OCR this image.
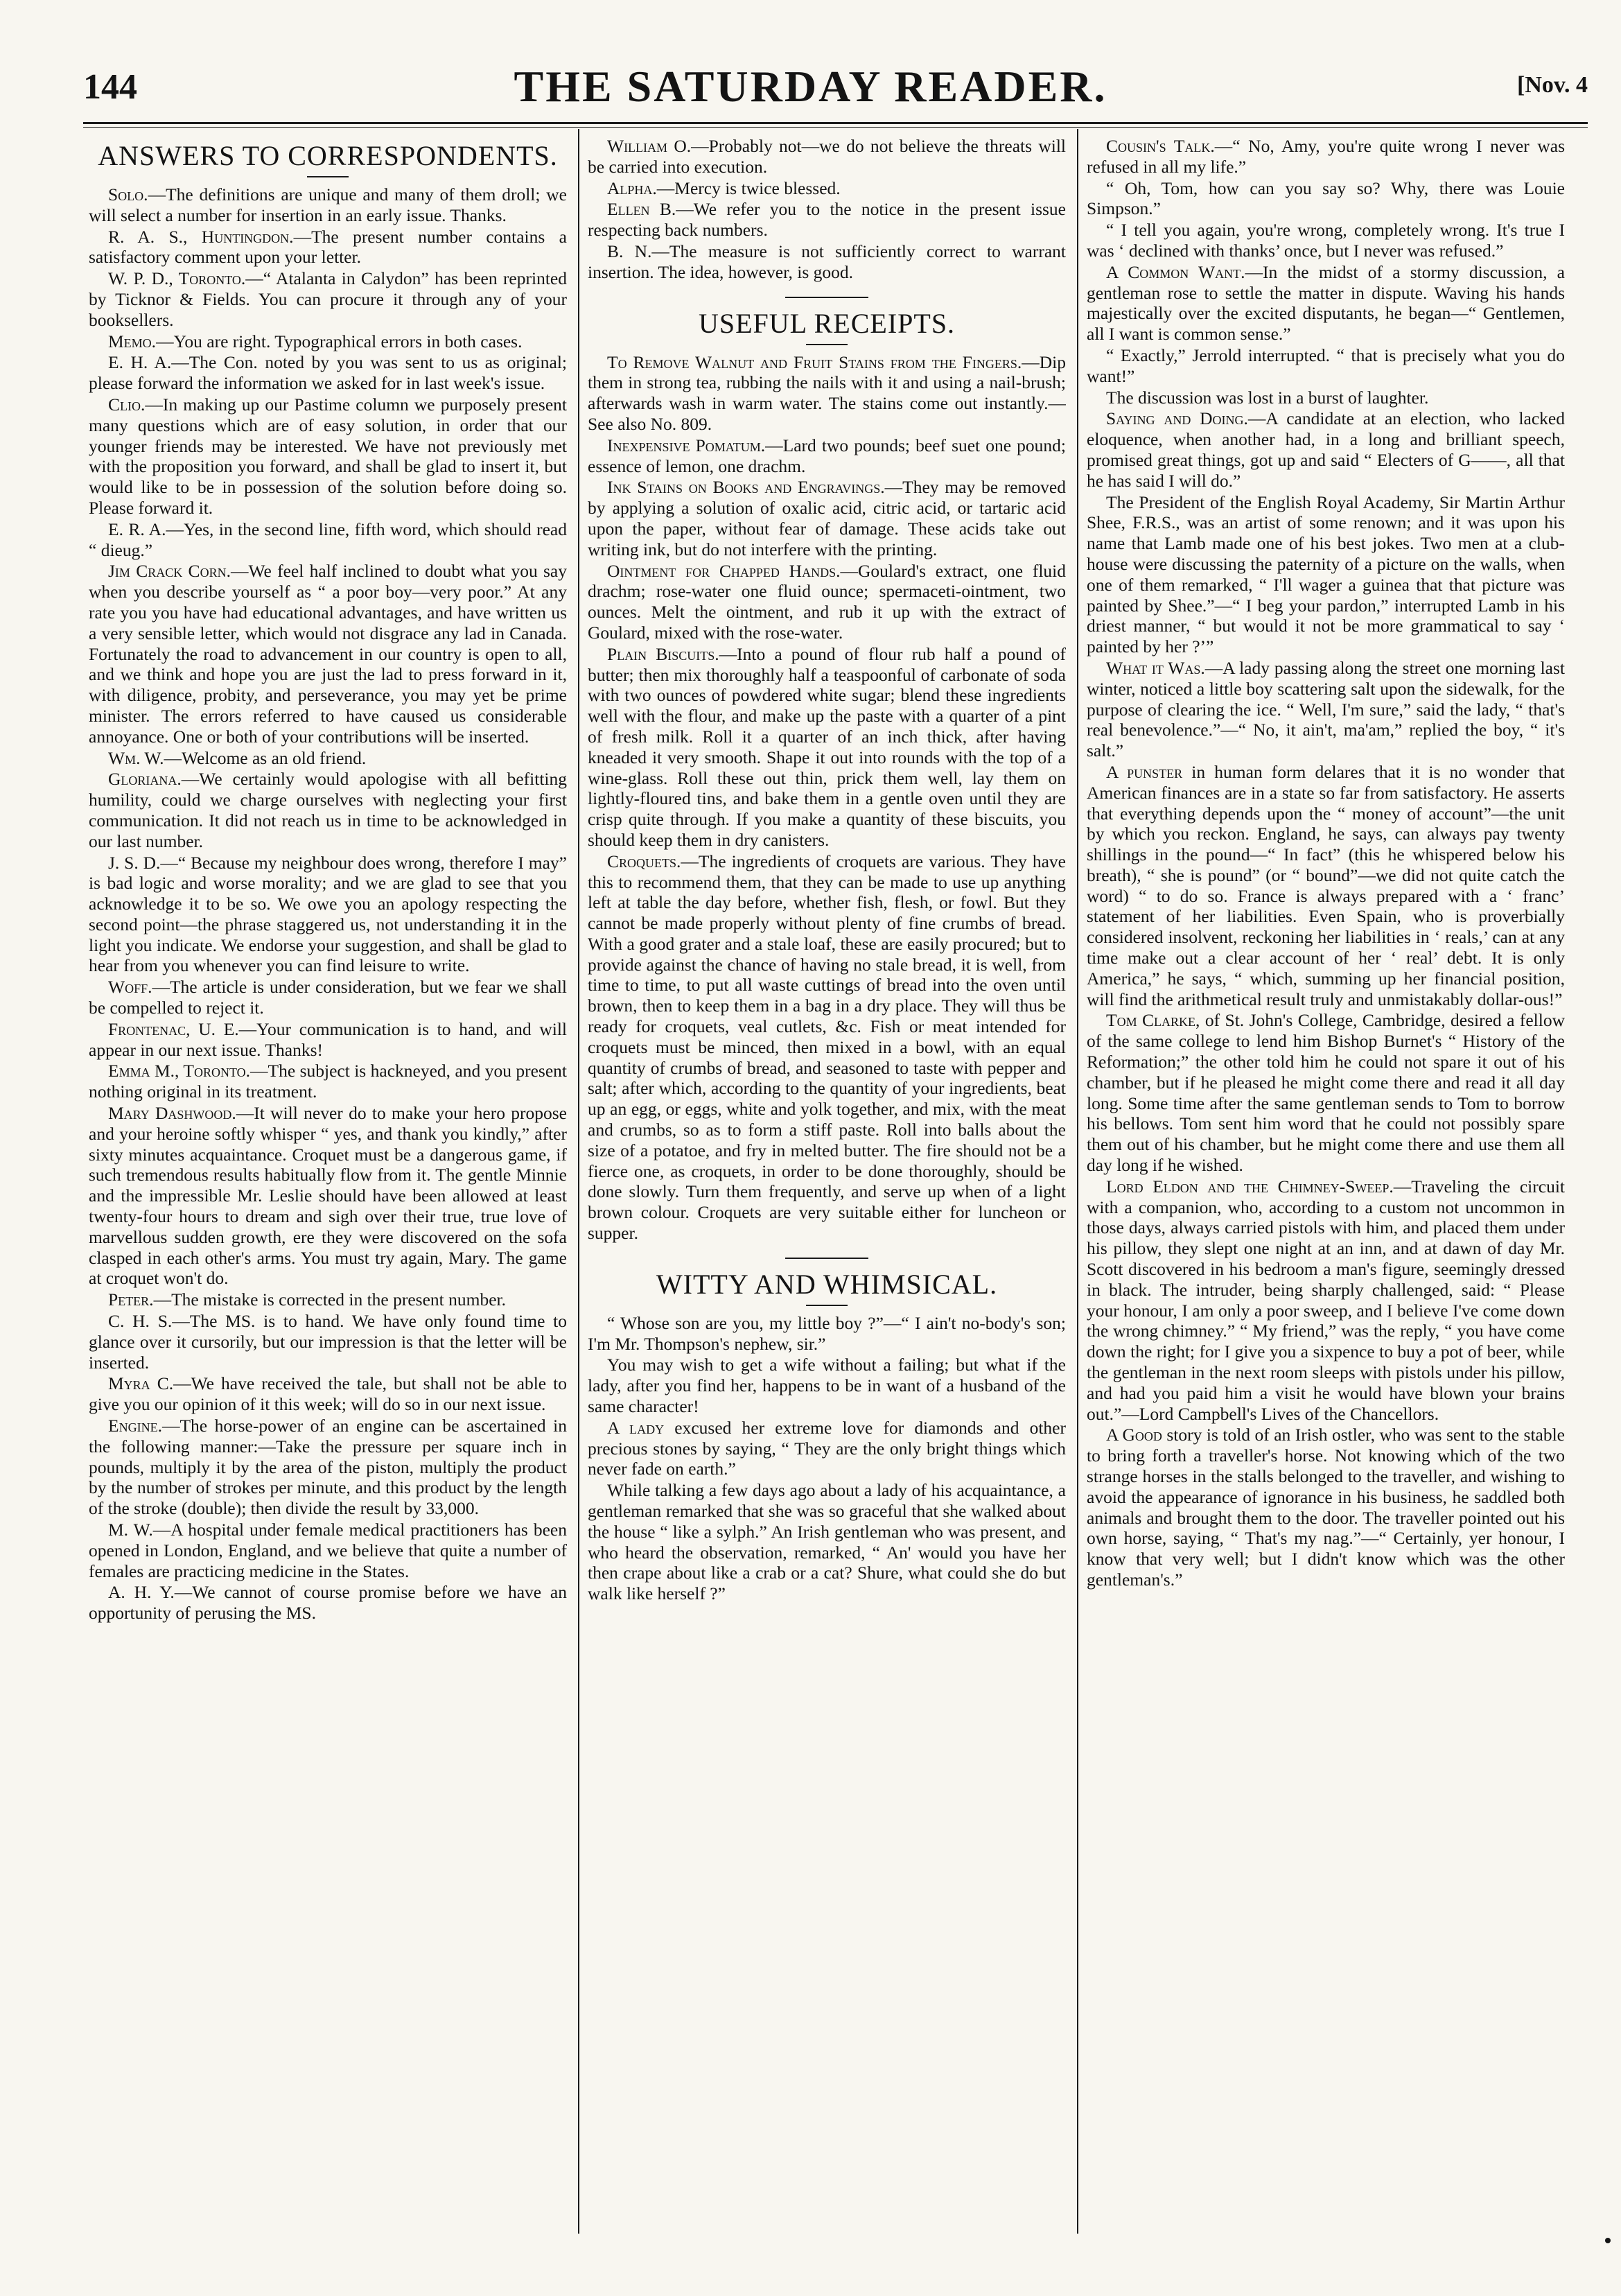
144	THE SATURDAY READER.	[Nov. 4
ANSWERS TO CORRESPONDENTS.

Solo.—The definitions are unique and many of them droll; we will select a number for insertion in an early issue. Thanks.

R. A. S., Huntingdon.—The present number contains a satisfactory comment upon your letter.

W. P. D., Toronto.—“ Atalanta in Calydon” has been reprinted by Ticknor & Fields. You can procure it through any of your booksellers.

Memo.—You are right. Typographical errors in both cases.

E. H. A.—The Con. noted by you was sent to us as original; please forward the information we asked for in last week's issue.

Clio.—In making up our Pastime column we purposely present many questions which are of easy solution, in order that our younger friends may be interested. We have not previously met with the proposition you forward, and shall be glad to insert it, but would like to be in possession of the solution before doing so. Please forward it.

E. R. A.—Yes, in the second line, fifth word, which should read “ dieug.”

Jim Crack Corn.—We feel half inclined to doubt what you say when you describe yourself as “ a poor boy—very poor.” At any rate you you have had educational advantages, and have written us a very sensible letter, which would not disgrace any lad in Canada. Fortunately the road to advancement in our country is open to all, and we think and hope you are just the lad to press forward in it, with diligence, probity, and perseverance, you may yet be prime minister. The errors referred to have caused us considerable annoyance. One or both of your contributions will be inserted.

Wm. W.—Welcome as an old friend.

Gloriana.—We certainly would apologise with all befitting humility, could we charge ourselves with neglecting your first communication. It did not reach us in time to be acknowledged in our last number.

J. S. D.—“ Because my neighbour does wrong, therefore I may” is bad logic and worse morality; and we are glad to see that you acknowledge it to be so. We owe you an apology respecting the second point—the phrase staggered us, not understanding it in the light you indicate. We endorse your suggestion, and shall be glad to hear from you whenever you can find leisure to write.

Woff.—The article is under consideration, but we fear we shall be compelled to reject it.

Frontenac, U. E.—Your communication is to hand, and will appear in our next issue. Thanks!

Emma M., Toronto.—The subject is hackneyed, and you present nothing original in its treatment.

Mary Dashwood.—It will never do to make your hero propose and your heroine softly whisper “ yes, and thank you kindly,” after sixty minutes acquaintance. Croquet must be a dangerous game, if such tremendous results habitually flow from it. The gentle Minnie and the impressible Mr. Leslie should have been allowed at least twenty-four hours to dream and sigh over their true, true love of marvellous sudden growth, ere they were discovered on the sofa clasped in each other's arms. You must try again, Mary. The game at croquet won't do.

Peter.—The mistake is corrected in the present number.

C. H. S.—The MS. is to hand. We have only found time to glance over it cursorily, but our impression is that the letter will be inserted.

Myra C.—We have received the tale, but shall not be able to give you our opinion of it this week; will do so in our next issue.

Engine.—The horse-power of an engine can be ascertained in the following manner:—Take the pressure per square inch in pounds, multiply it by the area of the piston, multiply the product by the number of strokes per minute, and this product by the length of the stroke (double); then divide the result by 33,000.

M. W.—A hospital under female medical practitioners has been opened in London, England, and we believe that quite a number of females are practicing medicine in the States.

A. H. Y.—We cannot of course promise before we have an opportunity of perusing the MS.

William O.—Probably not—we do not believe the threats will be carried into execution.

Alpha.—Mercy is twice blessed.

Ellen B.—We refer you to the notice in the present issue respecting back numbers.

B. N.—The measure is not sufficiently correct to warrant insertion. The idea, however, is good.

USEFUL RECEIPTS.

To Remove Walnut and Fruit Stains from the Fingers.—Dip them in strong tea, rubbing the nails with it and using a nail-brush; afterwards wash in warm water. The stains come out instantly.—See also No. 809.

Inexpensive Pomatum.—Lard two pounds; beef suet one pound; essence of lemon, one drachm.

Ink Stains on Books and Engravings.—They may be removed by applying a solution of oxalic acid, citric acid, or tartaric acid upon the paper, without fear of damage. These acids take out writing ink, but do not interfere with the printing.

Ointment for Chapped Hands.—Goulard's extract, one fluid drachm; rose-water one fluid ounce; spermaceti-ointment, two ounces. Melt the ointment, and rub it up with the extract of Goulard, mixed with the rose-water.

Plain Biscuits.—Into a pound of flour rub half a pound of butter; then mix thoroughly half a teaspoonful of carbonate of soda with two ounces of powdered white sugar; blend these ingredients well with the flour, and make up the paste with a quarter of a pint of fresh milk. Roll it a quarter of an inch thick, after having kneaded it very smooth. Shape it out into rounds with the top of a wine-glass. Roll these out thin, prick them well, lay them on lightly-floured tins, and bake them in a gentle oven until they are crisp quite through. If you make a quantity of these biscuits, you should keep them in dry canisters.

Croquets.—The ingredients of croquets are various. They have this to recommend them, that they can be made to use up anything left at table the day before, whether fish, flesh, or fowl. But they cannot be made properly without plenty of fine crumbs of bread. With a good grater and a stale loaf, these are easily procured; but to provide against the chance of having no stale bread, it is well, from time to time, to put all waste cuttings of bread into the oven until brown, then to keep them in a bag in a dry place. They will thus be ready for croquets, veal cutlets, &c. Fish or meat intended for croquets must be minced, then mixed in a bowl, with an equal quantity of crumbs of bread, and seasoned to taste with pepper and salt; after which, according to the quantity of your ingredients, beat up an egg, or eggs, white and yolk together, and mix, with the meat and crumbs, so as to form a stiff paste. Roll into balls about the size of a potatoe, and fry in melted butter. The fire should not be a fierce one, as croquets, in order to be done thoroughly, should be done slowly. Turn them frequently, and serve up when of a light brown colour. Croquets are very suitable either for luncheon or supper.

WITTY AND WHIMSICAL.

“ Whose son are you, my little boy ?”—“ I ain't no-body's son; I'm Mr. Thompson's nephew, sir.”

You may wish to get a wife without a failing; but what if the lady, after you find her, happens to be in want of a husband of the same character!

A lady excused her extreme love for diamonds and other precious stones by saying, “ They are the only bright things which never fade on earth.”

While talking a few days ago about a lady of his acquaintance, a gentleman remarked that she was so graceful that she walked about the house “ like a sylph.” An Irish gentleman who was present, and who heard the observation, remarked, “ An' would you have her then crape about like a crab or a cat? Shure, what could she do but walk like herself ?”

Cousin's Talk.—“ No, Amy, you're quite wrong I never was refused in all my life.”

“ Oh, Tom, how can you say so? Why, there was Louie Simpson.”

“ I tell you again, you're wrong, completely wrong. It's true I was ‘ declined with thanks’ once, but I never was refused.”

A Common Want.—In the midst of a stormy discussion, a gentleman rose to settle the matter in dispute. Waving his hands majestically over the excited disputants, he began—“ Gentlemen, all I want is common sense.”

“ Exactly,” Jerrold interrupted. “ that is precisely what you do want!”

The discussion was lost in a burst of laughter.

Saying and Doing.—A candidate at an election, who lacked eloquence, when another had, in a long and brilliant speech, promised great things, got up and said “ Electers of G——, all that he has said I will do.”

The President of the English Royal Academy, Sir Martin Arthur Shee, F.R.S., was an artist of some renown; and it was upon his name that Lamb made one of his best jokes. Two men at a club-house were discussing the paternity of a picture on the walls, when one of them remarked, “ I'll wager a guinea that that picture was painted by Shee.”—“ I beg your pardon,” interrupted Lamb in his driest manner, “ but would it not be more grammatical to say ‘ painted by her ?’”

What it Was.—A lady passing along the street one morning last winter, noticed a little boy scattering salt upon the sidewalk, for the purpose of clearing the ice. “ Well, I'm sure,” said the lady, “ that's real benevolence.”—“ No, it ain't, ma'am,” replied the boy, “ it's salt.”

A punster in human form delares that it is no wonder that American finances are in a state so far from satisfactory. He asserts that everything depends upon the “ money of account”—the unit by which you reckon. England, he says, can always pay twenty shillings in the pound—“ In fact” (this he whispered below his breath), “ she is pound” (or “ bound”—we did not quite catch the word) “ to do so. France is always prepared with a ‘ franc’ statement of her liabilities. Even Spain, who is proverbially considered insolvent, reckoning her liabilities in ‘ reals,’ can at any time make out a clear account of her ‘ real’ debt. It is only America,” he says, “ which, summing up her financial position, will find the arithmetical result truly and unmistakably dollar-ous!”

Tom Clarke, of St. John's College, Cambridge, desired a fellow of the same college to lend him Bishop Burnet's “ History of the Reformation;” the other told him he could not spare it out of his chamber, but if he pleased he might come there and read it all day long. Some time after the same gentleman sends to Tom to borrow his bellows. Tom sent him word that he could not possibly spare them out of his chamber, but he might come there and use them all day long if he wished.

Lord Eldon and the Chimney-Sweep.—Traveling the circuit with a companion, who, according to a custom not uncommon in those days, always carried pistols with him, and placed them under his pillow, they slept one night at an inn, and at dawn of day Mr. Scott discovered in his bedroom a man's figure, seemingly dressed in black. The intruder, being sharply challenged, said: “ Please your honour, I am only a poor sweep, and I believe I've come down the wrong chimney.” “ My friend,” was the reply, “ you have come down the right; for I give you a sixpence to buy a pot of beer, while the gentleman in the next room sleeps with pistols under his pillow, and had you paid him a visit he would have blown your brains out.”—Lord Campbell's Lives of the Chancellors.

A Good story is told of an Irish ostler, who was sent to the stable to bring forth a traveller's horse. Not knowing which of the two strange horses in the stalls belonged to the traveller, and wishing to avoid the appearance of ignorance in his business, he saddled both animals and brought them to the door. The traveller pointed out his own horse, saying, “ That's my nag.”—“ Certainly, yer honour, I know that very well; but I didn't know which was the other gentleman's.”
